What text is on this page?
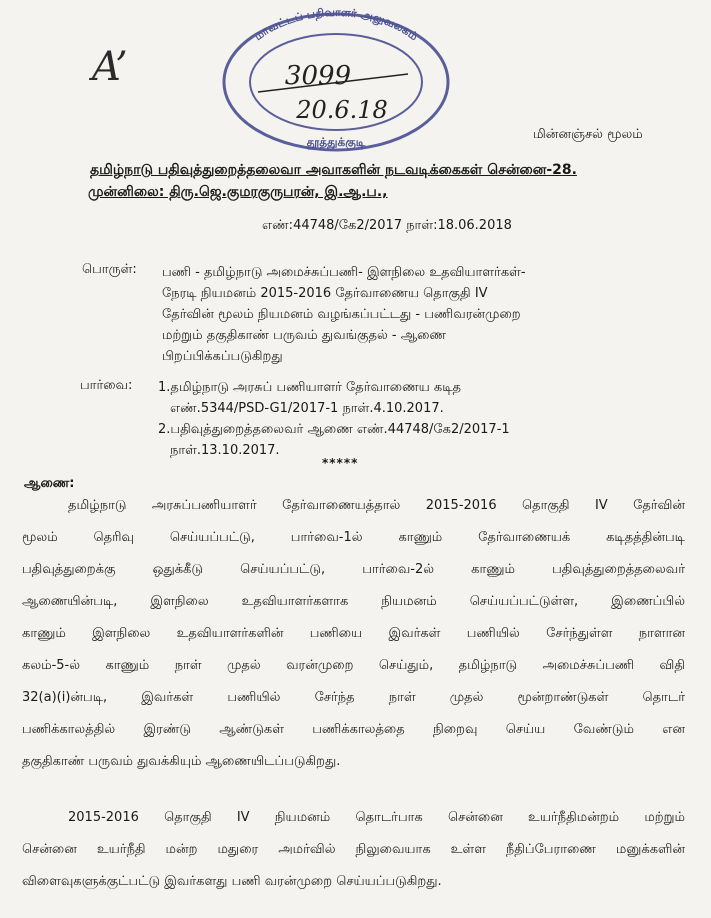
A’
மாவட்டப் பதிவாளர் அலுவலகம்
தூத்துக்குடி
3099
20.6.18
மின்னஞ்சல் மூலம்
தமிழ்நாடு பதிவுத்துறைத்தலைவா அவாகளின் நடவடிக்கைகள் சென்னை-28.
முன்னிலை: திரு.ஜெ.குமரகுருபரன், இ.ஆ.ப.,
எண்:44748/கே2/2017 நாள்:18.06.2018
பொருள்: பணி - தமிழ்நாடு அமைச்சுப்பணி- இளநிலை உதவியாளர்கள்-
நேரடி நியமனம் 2015-2016 தேர்வாணைய தொகுதி IV
தேர்வின் மூலம் நியமனம் வழங்கப்பட்டது - பணிவரன்முறை
மற்றும் தகுதிகாண் பருவம் துவங்குதல் - ஆணை
பிறப்பிக்கப்படுகிறது
பார்வை: 1.தமிழ்நாடு அரசுப் பணியாளர் தேர்வாணைய கடித
எண்.5344/PSD-G1/2017-1 நாள்.4.10.2017.
2.பதிவுத்துறைத்தலைவர் ஆணை எண்.44748/கே2/2017-1
நாள்.13.10.2017.
*****
ஆணை:
தமிழ்நாடு அரசுப்பணியாளர் தேர்வாணையத்தால் 2015-2016 தொகுதி IV தேர்வின்
மூலம் தெரிவு செய்யப்பட்டு, பார்வை-1ல் காணும் தேர்வாணையக் கடிதத்தின்படி
பதிவுத்துறைக்கு ஒதுக்கீடு செய்யப்பட்டு, பார்வை-2ல் காணும் பதிவுத்துறைத்தலைவர்
ஆணையின்படி, இளநிலை உதவியாளர்களாக நியமனம் செய்யப்பட்டுள்ள, இணைப்பில்
காணும் இளநிலை உதவியாளர்களின் பணியை இவர்கள் பணியில் சேர்ந்துள்ள நாளான
கலம்-5-ல் காணும் நாள் முதல் வரன்முறை செய்தும், தமிழ்நாடு அமைச்சுப்பணி விதி
32(a)(i)ன்படி, இவர்கள் பணியில் சேர்ந்த நாள் முதல் மூன்றாண்டுகள் தொடர்
பணிக்காலத்தில் இரண்டு ஆண்டுகள் பணிக்காலத்தை நிறைவு செய்ய வேண்டும் என
தகுதிகாண் பருவம் துவக்கியும் ஆணையிடப்படுகிறது.
2015-2016 தொகுதி IV நியமனம் தொடர்பாக சென்னை உயர்நீதிமன்றம் மற்றும்
சென்னை உயர்நீதி மன்ற மதுரை அமர்வில் நிலுவையாக உள்ள நீதிப்பேராணை மனுக்களின்
விளைவுகளுக்குட்பட்டு இவர்களது பணி வரன்முறை செய்யப்படுகிறது.
